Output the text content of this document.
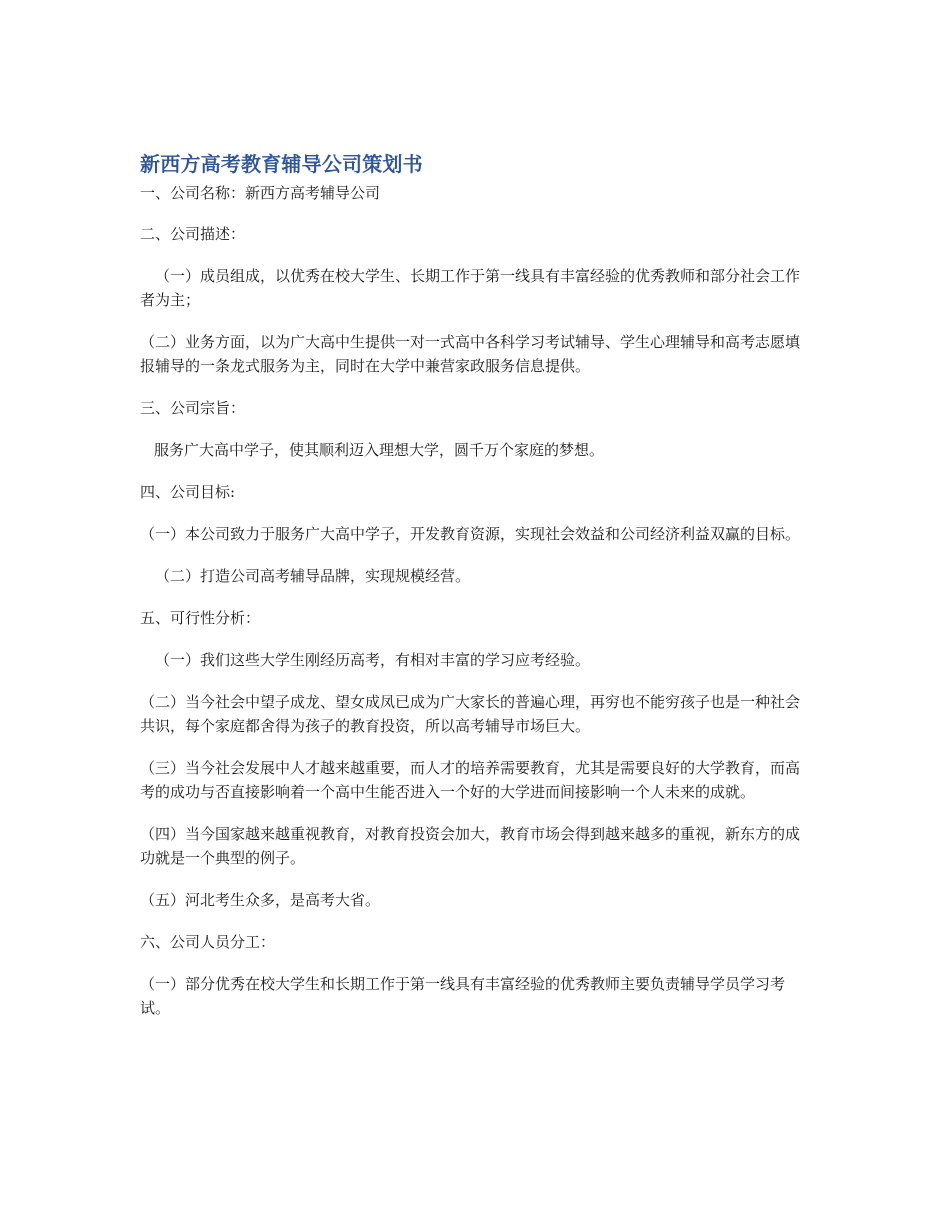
新西方高考教育辅导公司策划书

一、公司名称：新西方高考辅导公司

二、公司描述：

（一）成员组成，以优秀在校大学生、长期工作于第一线具有丰富经验的优秀教师和部分社会工作者为主；

（二）业务方面，以为广大高中生提供一对一式高中各科学习考试辅导、学生心理辅导和高考志愿填报辅导的一条龙式服务为主，同时在大学中兼营家政服务信息提供。

三、公司宗旨：

服务广大高中学子，使其顺利迈入理想大学，圆千万个家庭的梦想。

四、公司目标:

（一）本公司致力于服务广大高中学子，开发教育资源，实现社会效益和公司经济利益双赢的目标。

（二）打造公司高考辅导品牌，实现规模经营。

五、可行性分析：

（一）我们这些大学生刚经历高考，有相对丰富的学习应考经验。

（二）当今社会中望子成龙、望女成凤已成为广大家长的普遍心理，再穷也不能穷孩子也是一种社会共识，每个家庭都舍得为孩子的教育投资，所以高考辅导市场巨大。

（三）当今社会发展中人才越来越重要，而人才的培养需要教育，尤其是需要良好的大学教育，而高考的成功与否直接影响着一个高中生能否进入一个好的大学进而间接影响一个人未来的成就。

（四）当今国家越来越重视教育，对教育投资会加大，教育市场会得到越来越多的重视，新东方的成功就是一个典型的例子。

（五）河北考生众多，是高考大省。

六、公司人员分工：

（一）部分优秀在校大学生和长期工作于第一线具有丰富经验的优秀教师主要负责辅导学员学习考试。
